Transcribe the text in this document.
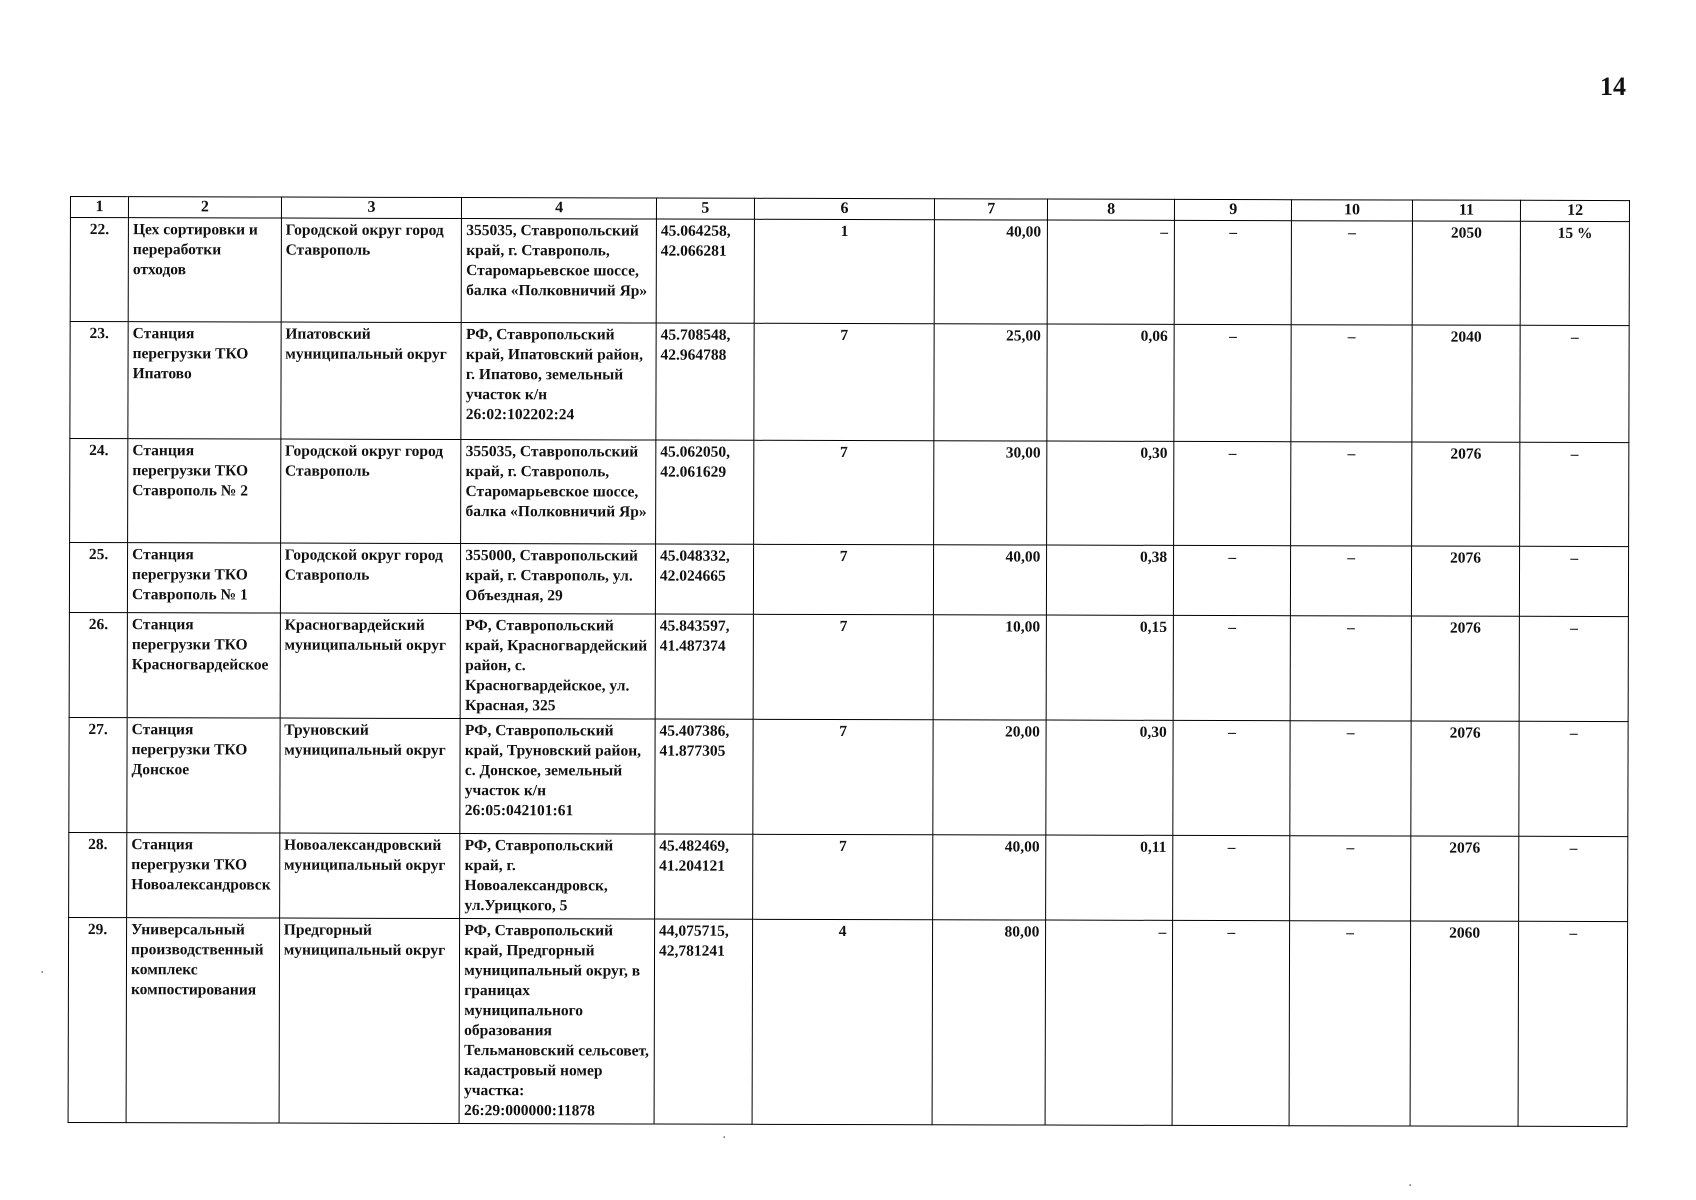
14
1	2	3	4	5	6	7	8	9	10	11	12
22.	Цех сортировки и переработки отходов	Городской округ город Ставрополь	355035, Ставропольский край, г. Ставрополь, Старомарьевское шоссе, балка «Полковничий Яр»	45.064258, 42.066281	1	40,00	–	–	–	2050	15 %
23.	Станция перегрузки ТКО Ипатово	Ипатовский муниципальный округ	РФ, Ставропольский край, Ипатовский район, г. Ипатово, земельный участок к/н 26:02:102202:24	45.708548, 42.964788	7	25,00	0,06	–	–	2040	–
24.	Станция перегрузки ТКО Ставрополь № 2	Городской округ город Ставрополь	355035, Ставропольский край, г. Ставрополь, Старомарьевское шоссе, балка «Полковничий Яр»	45.062050, 42.061629	7	30,00	0,30	–	–	2076	–
25.	Станция перегрузки ТКО Ставрополь № 1	Городской округ город Ставрополь	355000, Ставропольский край, г. Ставрополь, ул. Объездная, 29	45.048332, 42.024665	7	40,00	0,38	–	–	2076	–
26.	Станция перегрузки ТКО Красногвардейское	Красногвардейский муниципальный округ	РФ, Ставропольский край, Красногвардейский район, с. Красногвардейское, ул. Красная, 325	45.843597, 41.487374	7	10,00	0,15	–	–	2076	–
27.	Станция перегрузки ТКО Донское	Труновский муниципальный округ	РФ, Ставропольский край, Труновский район, с. Донское, земельный участок к/н 26:05:042101:61	45.407386, 41.877305	7	20,00	0,30	–	–	2076	–
28.	Станция перегрузки ТКО Новоалександровск	Новоалександровский муниципальный округ	РФ, Ставропольский край, г. Новоалександровск, ул.Урицкого, 5	45.482469, 41.204121	7	40,00	0,11	–	–	2076	–
29.	Универсальный производственный комплекс компостирования	Предгорный муниципальный округ	РФ, Ставропольский край, Предгорный муниципальный округ, в границах муниципального образования Тельмановский сельсовет, кадастровый номер участка: 26:29:000000:11878	44,075715, 42,781241	4	80,00	–	–	–	2060	–
·
·
·
